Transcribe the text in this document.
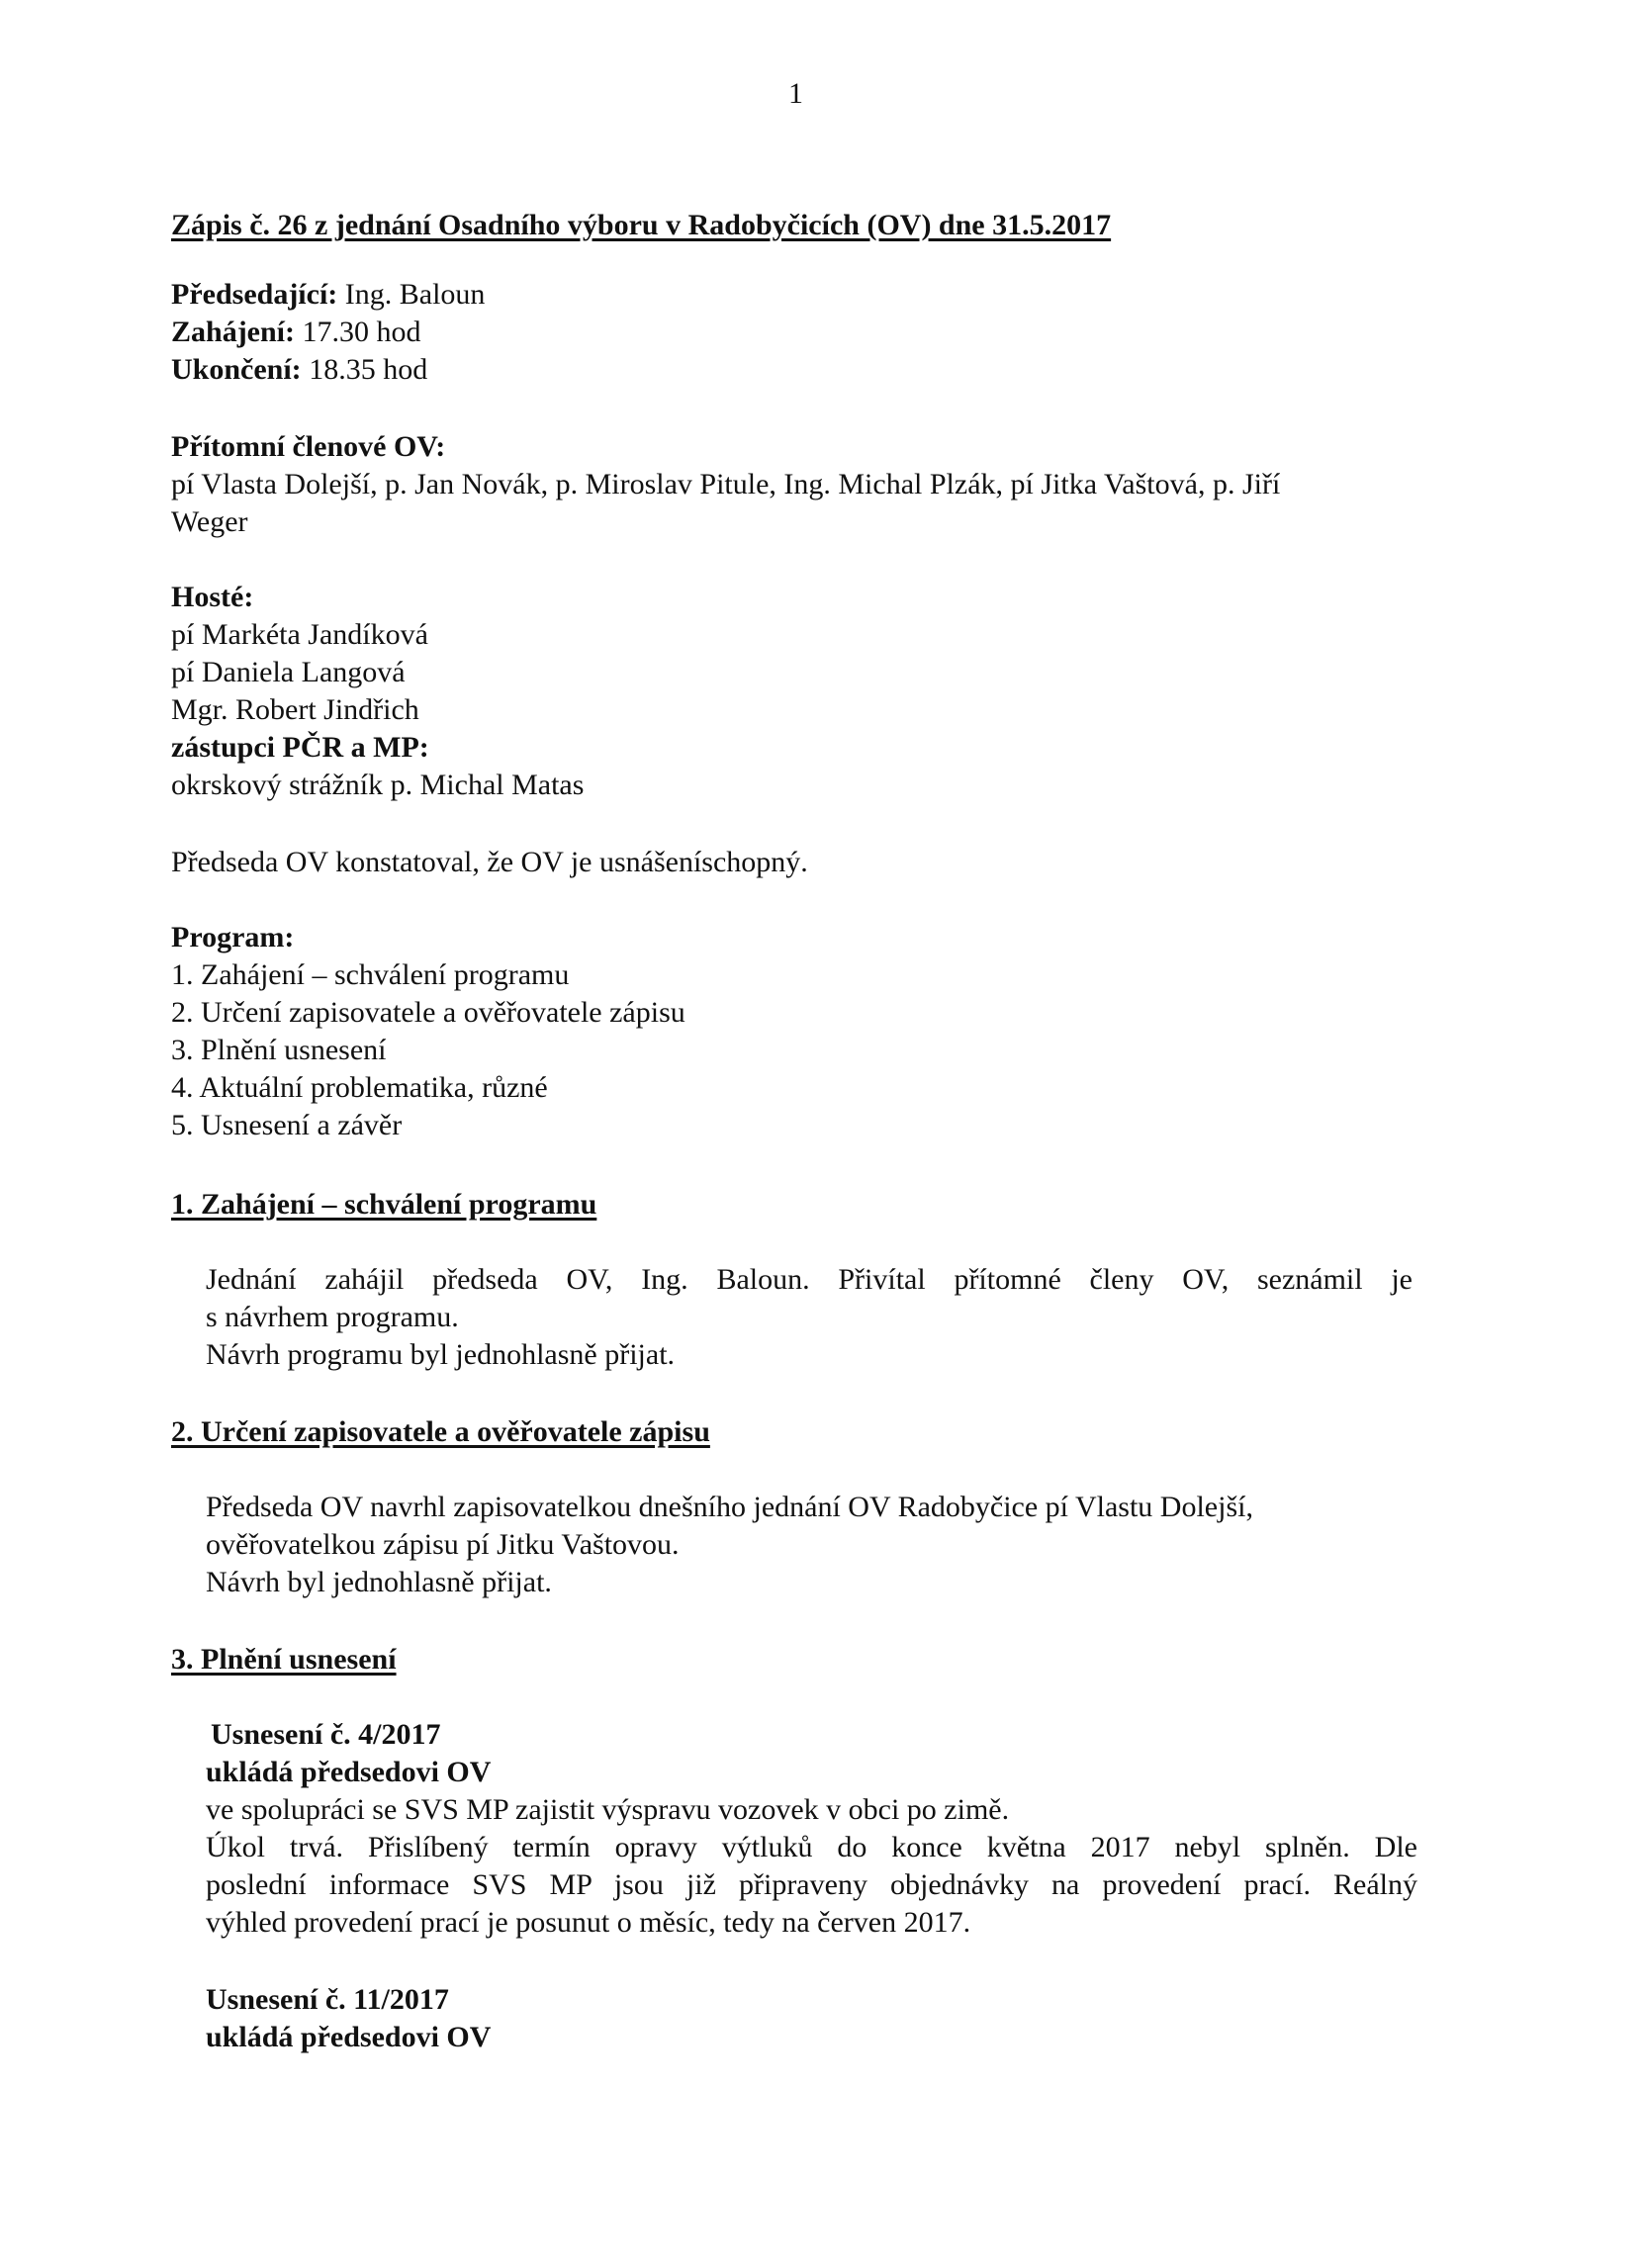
1
Zápis č. 26 z jednání Osadního výboru v Radobyčicích (OV) dne 31.5.2017
Předsedající: Ing. Baloun
Zahájení: 17.30 hod
Ukončení: 18.35 hod
Přítomní členové OV:
pí Vlasta Dolejší, p. Jan Novák, p. Miroslav Pitule, Ing. Michal Plzák, pí Jitka Vaštová, p. Jiří
Weger
Hosté:
pí Markéta Jandíková
pí Daniela Langová
Mgr. Robert Jindřich
zástupci PČR a MP:
okrskový strážník p. Michal Matas
Předseda OV konstatoval, že OV je usnášeníschopný.
Program:
1. Zahájení – schválení programu
2. Určení zapisovatele a ověřovatele zápisu
3. Plnění usnesení
4. Aktuální problematika, různé
5. Usnesení a závěr
1. Zahájení – schválení programu
Jednání zahájil předseda OV, Ing. Baloun. Přivítal přítomné členy OV, seznámil je
s návrhem programu.
Návrh programu byl jednohlasně přijat.
2. Určení zapisovatele a ověřovatele zápisu
Předseda OV navrhl zapisovatelkou dnešního jednání OV Radobyčice pí Vlastu Dolejší,
ověřovatelkou zápisu pí Jitku Vaštovou.
Návrh byl jednohlasně přijat.
3. Plnění usnesení
Usnesení č. 4/2017
ukládá předsedovi OV
ve spolupráci se SVS MP zajistit výspravu vozovek v obci po zimě.
Úkol trvá. Přislíbený termín opravy výtluků do konce května 2017 nebyl splněn. Dle
poslední informace SVS MP jsou již připraveny objednávky na provedení prací. Reálný
výhled provedení prací je posunut o měsíc, tedy na červen 2017.
Usnesení č. 11/2017
ukládá předsedovi OV
